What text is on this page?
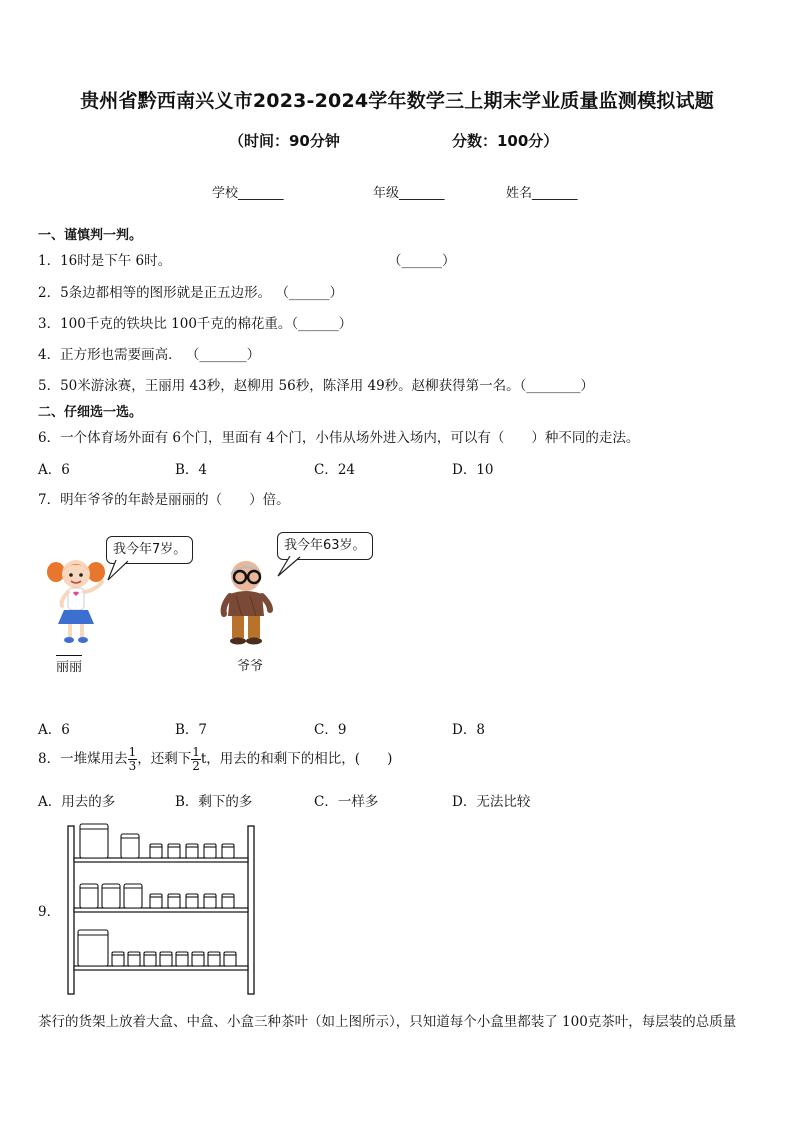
贵州省黔西南兴义市2023-2024学年数学三上期末学业质量监测模拟试题
（时间：90分钟	分数：100分）
学校_______	年级_______	姓名_______
一、谨慎判一判。
1．16时是下午 6时。	（______）
2．5条边都相等的图形就是正五边形。 （______）
3．100千克的铁块比 100千克的棉花重。（______）
4．正方形也需要画高． （_______）
5．50米游泳赛，王丽用 43秒，赵柳用 56秒，陈泽用 49秒。赵柳获得第一名。（________）
二、仔细选一选。
6．一个体育场外面有 6个门，里面有 4个门，小伟从场外进入场内，可以有（　　）种不同的走法。
A．6	B．4	C．24	D．10
7．明年爷爷的年龄是丽丽的（　　）倍。
我今年7岁。	我今年63岁。
丽丽	爷爷
A．6	B．7	C．9	D．8
8．一堆煤用去 $\frac{1}{3}$ ，还剩下 $\frac{1}{2}$ t，用去的和剩下的相比，(　　)
A．用去的多	B．剩下的多	C．一样多	D．无法比较
9．
茶行的货架上放着大盒、中盒、小盒三种茶叶（如上图所示），只知道每个小盒里都装了 100克茶叶，每层装的总质量
